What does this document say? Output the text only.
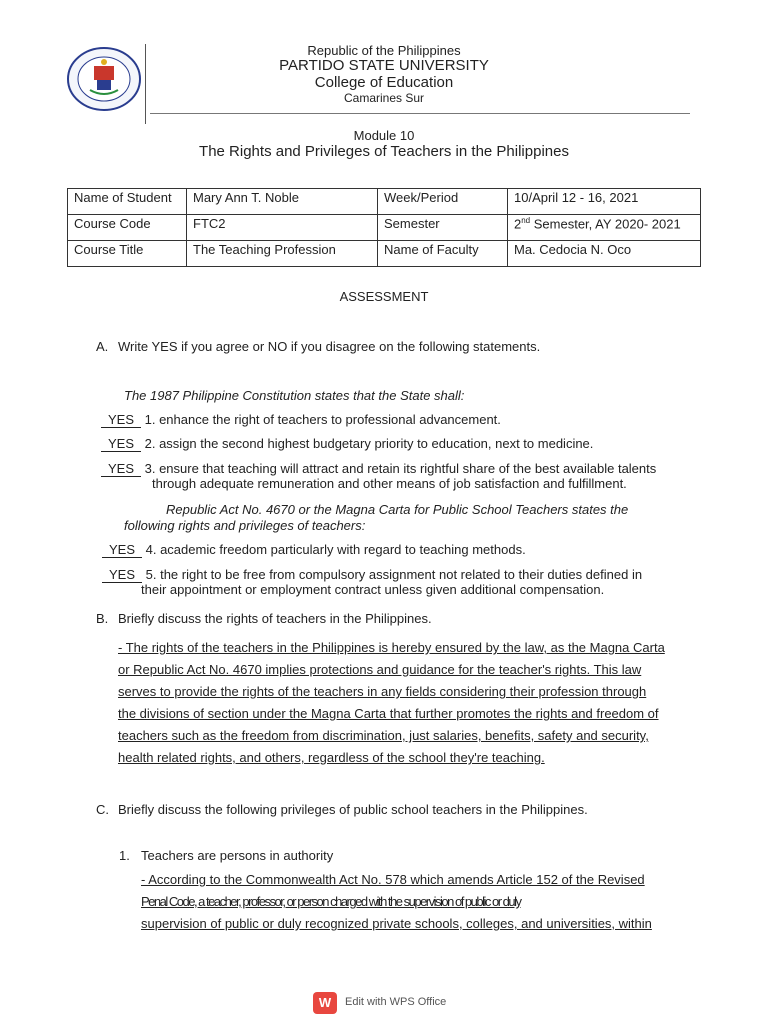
Republic of the Philippines
PARTIDO STATE UNIVERSITY
College of Education
Camarines Sur
Module 10
The Rights and Privileges of Teachers in the Philippines
Name of Student	Mary Ann T. Noble	Week/Period	10/April 12 - 16, 2021
Course Code	FTC2	Semester	2nd Semester, AY 2020- 2021
Course Title	The Teaching Profession	Name of Faculty	Ma. Cedocia N. Oco
ASSESSMENT
A. Write YES if you agree or NO if you disagree on the following statements.
The 1987 Philippine Constitution states that the State shall:
YES 1. enhance the right of teachers to professional advancement.
YES 2. assign the second highest budgetary priority to education, next to medicine.
YES 3. ensure that teaching will attract and retain its rightful share of the best available talents
through adequate remuneration and other means of job satisfaction and fulfillment.
Republic Act No. 4670 or the Magna Carta for Public School Teachers states the
following rights and privileges of teachers:
YES 4. academic freedom particularly with regard to teaching methods.
YES 5. the right to be free from compulsory assignment not related to their duties defined in
their appointment or employment contract unless given additional compensation.
B. Briefly discuss the rights of teachers in the Philippines.
- The rights of the teachers in the Philippines is hereby ensured by the law, as the Magna Carta
or Republic Act No. 4670 implies protections and guidance for the teacher's rights. This law
serves to provide the rights of the teachers in any fields considering their profession through
the divisions of section under the Magna Carta that further promotes the rights and freedom of
teachers such as the freedom from discrimination, just salaries, benefits, safety and security,
health related rights, and others, regardless of the school they're teaching.
C. Briefly discuss the following privileges of public school teachers in the Philippines.
1. Teachers are persons in authority
- According to the Commonwealth Act No. 578 which amends Article 152 of the Revised
Penal Code, a teacher, professor, or person charged with the supervision of public or duly
supervision of public or duly recognized private schools, colleges, and universities, within
W	Edit with WPS Office
